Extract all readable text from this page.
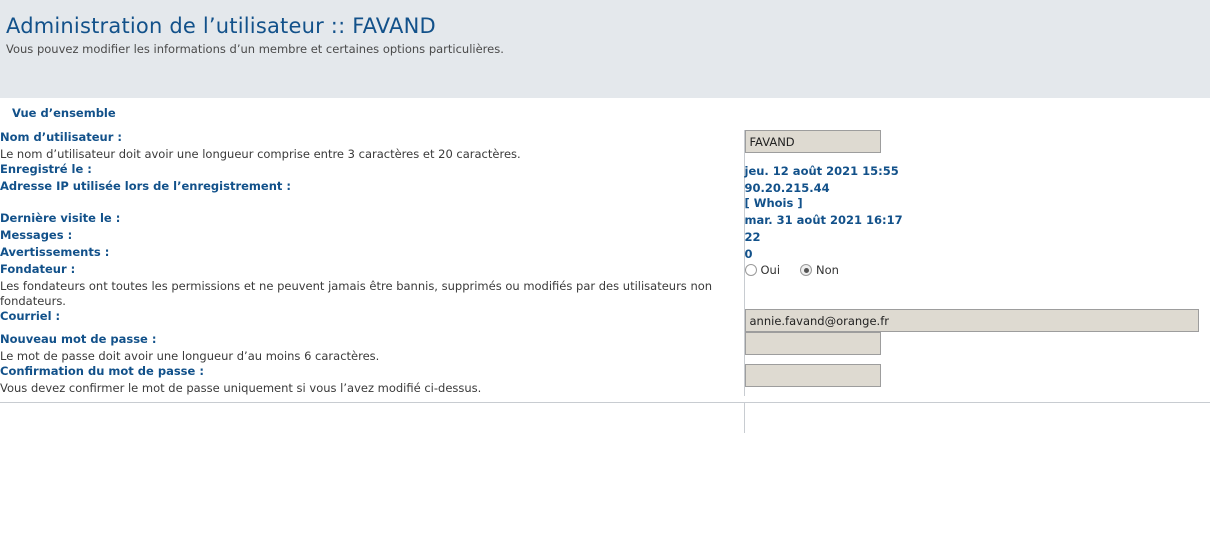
Administration de l’utilisateur :: FAVAND

Vous pouvez modifier les informations d’un membre et certaines options particulières.

Vue d’ensemble
Nom d’utilisateur :
Le nom d’utilisateur doit avoir une longueur comprise entre 3 caractères et 20 caractères.
	FAVAND

Enregistré le :	jeu. 12 août 2021 15:55

Adresse IP utilisée lors de l’enregistrement :	90.20.215.44
[ Whois ]

Dernière visite le :	mar. 31 août 2021 16:17

Messages :	22

Avertissements :	0

Fondateur :
Les fondateurs ont toutes les permissions et ne peuvent jamais être bannis, supprimés ou modifiés par des utilisateurs non fondateurs.	Oui Non

Courriel :
	annie.favand@orange.fr

Nouveau mot de passe :
Le mot de passe doit avoir une longueur d’au moins 6 caractères.

Confirmation du mot de passe :
Vous devez confirmer le mot de passe uniquement si vous l’avez modifié ci-dessus.
